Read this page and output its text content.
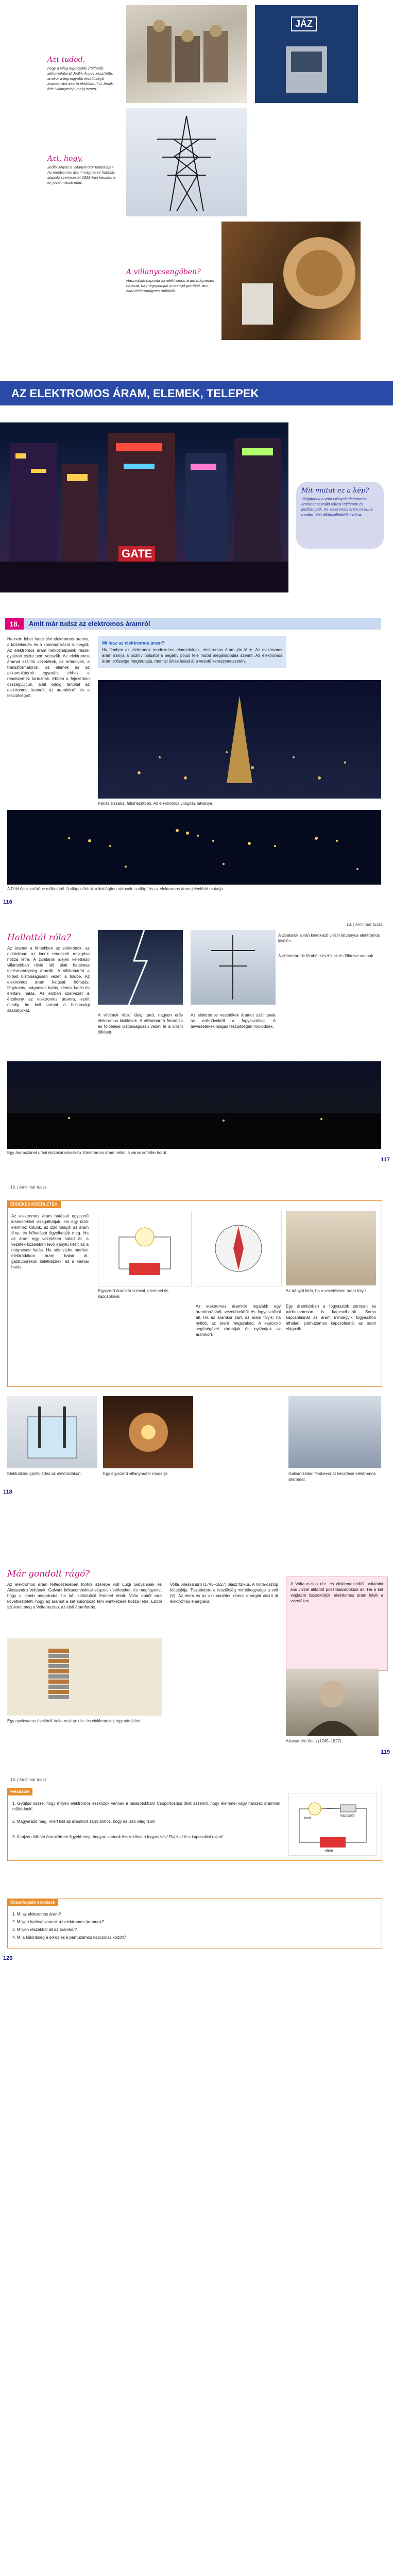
Azt tudod,
hogy a világ legrégebbi (tölthető) akkumulátorát Jedlik Ányos készítette, amikor a legnagyobb feszültségű áramforrást akarta előállítani? A Jedlik-féle 'villanytelep' máig ismert.
JÁZ
Azt, hogy,
Jedlik Ányos a villanymotor feltalálója? Az elektromos áram mágneses hatásán alapuló szerkezetét 1828-ban készítette el, jóval mások előtt.
A villanycsengőben?
Használjuk naponta az elektromos áram mágneses hatását, ha megnyomjuk a csengő gombját, ami által elektromágnes működik.
AZ ELEKTROMOS ÁRAM, ELEMEK, TELEPEK
GATE
Mit mutat ez a kép?
Világítanak a vörös fények elektromos áramot használó városi reklámok és jelzőlámpák. Az elektromos áram nélkül a modern élet elképzelhetetlen volna.
18.	Amit már tudsz az elektromos áramról
Ha nem lehet használni elektromos áramot, a közlekedés és a kommunikáció is megáll. Az elektromos áram hétköznapjaink része; gyakran észre sem vesszük. Az elektromos áramot szállító vezetékek, az erőművek, a transzformátorok, az elemek és az akkumulátorok egyaránt ehhez a rendszerhez tartoznak. Ebben a fejezetben összegyűjtjük, amit eddig tanultál az elektromos áramról, az áramkörről és a feszültségről.
Mi lesz az elektromos áram?
Ha fémben az elektronok rendezetten elmozdulnak, elektromos áram jön létre. Az elektromos áram iránya a pozitív pólustól a negatív pólus felé mutat megállapodás szerint. Az elektromos áram erőssége megmutatja, mennyi töltés halad át a vezető keresztmetszetén.
Párizs éjszaka, felülnézetben. Az elektromos világítás látványa.
A Föld éjszakai képe műholdról. A világos foltok a kivilágított városok: a világítás az elektromos áram jelenlétét mutatja.
116
18. | Amit már tudsz
Hallottál róla?
Az áramot a fémekben az elektronok, az oldatokban az ionok rendezett mozgása hozza létre. A zivatarok idején keletkező villámokban rövid idő alatt hatalmas töltésmennyiség áramlik. A villámhárító a töltést biztonságosan vezeti a földbe. Az elektromos áram hatásai: hőhatás, fényhatás, mágneses hatás, kémiai hatás és élettani hatás. Az emberi szervezet is érzékeny az elektromos áramra, ezért mindig be kell tartani a biztonsági szabályokat.
A zivatarok során keletkező villám látványos elektromos kisülés.
A villámhárítók fémből készülnek és földelve vannak.
A villámok rövid ideig tartó, nagyon erős elektromos kisülések. A villámhárító fémrúdja és földelése biztonságosan vezeti le a villám töltését.
Az elektromos vezetékek áramot szállítanak az erőművektől a fogyasztókig. A távvezetékek magas feszültségen működnek.
Egy áramszünet utáni éjszakai városkép. Elektromos áram nélkül a város sötétbe borul.
117
18. | Amit már tudsz
ÉRDEKES KÍSÉRLETEK
Az elektromos áram hatásait egyszerű kísérletekkel vizsgálhatjuk. Ha egy izzót elemhez kötünk, az izzó világít: az áram fény- és hőhatását figyelhetjük meg. Ha az áram egy vezetéken halad át, a vezeték közelében lévő iránytű kitér: ez a mágneses hatás. Ha sós vízbe merített elektródákon áram halad át, gázbuborékok keletkeznek: ez a kémiai hatás.
Egyszerű áramkör izzóval, elemmel és kapcsolóval.
Az iránytű kitér, ha a vezetékben áram folyik.
Az elektromos áramkör legalább egy áramforrásból, vezetékekből és fogyasztóból áll. Ha az áramkör zárt, az áram folyik; ha nyitott, az áram megszakad. A kapcsoló segítségével zárhatjuk és nyithatjuk az áramkört.
Egy áramkörben a fogyasztók sorosan és párhuzamosan is kapcsolhatók. Soros kapcsolásnál az áram mindegyik fogyasztón áthalad; párhuzamos kapcsolásnál az áram elágazik.
Elektrolízis: gázfejlődés az elektródákon.	Egy egyszerű villanymotor modellje.	Galvanizálás: fémbevonat készítése elektromos árammal.
118
Már gondolt rágó?
Az elektromos áram felfedezésében fontos szerepe volt Luigi Galvaninak és Alessandro Voltának. Galvani békacombokkal végzett kísérleteket, és megfigyelte, hogy a comb megrándul, ha két különböző fémmel érinti. Volta ebből arra következtetett, hogy az áramot a két különböző fém érintkezése hozza létre. Ebből született meg a Volta-oszlop, az első áramforrás.
Egy nyolcvanas évekbeli Volta-oszlop: réz- és cinklemezek egymás felett.
Volta, Alessandro (1745–1827) olasz fizikus. A Volta-oszlop feltalálója. Tiszteletére a feszültség mértékegysége a volt (V). Az elem és az akkumulátor kémiai energiát alakít át elektromos energiává.
A Volta-oszlop réz- és cinklemezekből, valamint sós vízzel átitatott posztódarabokból áll. Ha a két véglapot összekötjük, elektromos áram folyik a vezetéken.
Alessandro Volta (1745–1827)
119
18. | Amit már tudsz
Feladatok
1. Gyűjtsd össze, hogy milyen elektromos eszközök vannak a lakásotokban! Csoportosítsd őket aszerint, hogy elemmel vagy hálózati árammal működnek!
2. Magyarázd meg, miért kell az áramkört zárni ahhoz, hogy az izzó világítson!
3. A rajzon látható áramkörben figyeld meg, hogyan vannak összekötve a fogyasztók! Rajzold le a kapcsolási rajzot!
izzó
kapcsoló
elem
Összefoglaló kérdések
1. Mi az elektromos áram?
2. Milyen hatásai vannak az elektromos áramnak?
3. Milyen részekből áll az áramkör?
4. Mi a különbség a soros és a párhuzamos kapcsolás között?
120
